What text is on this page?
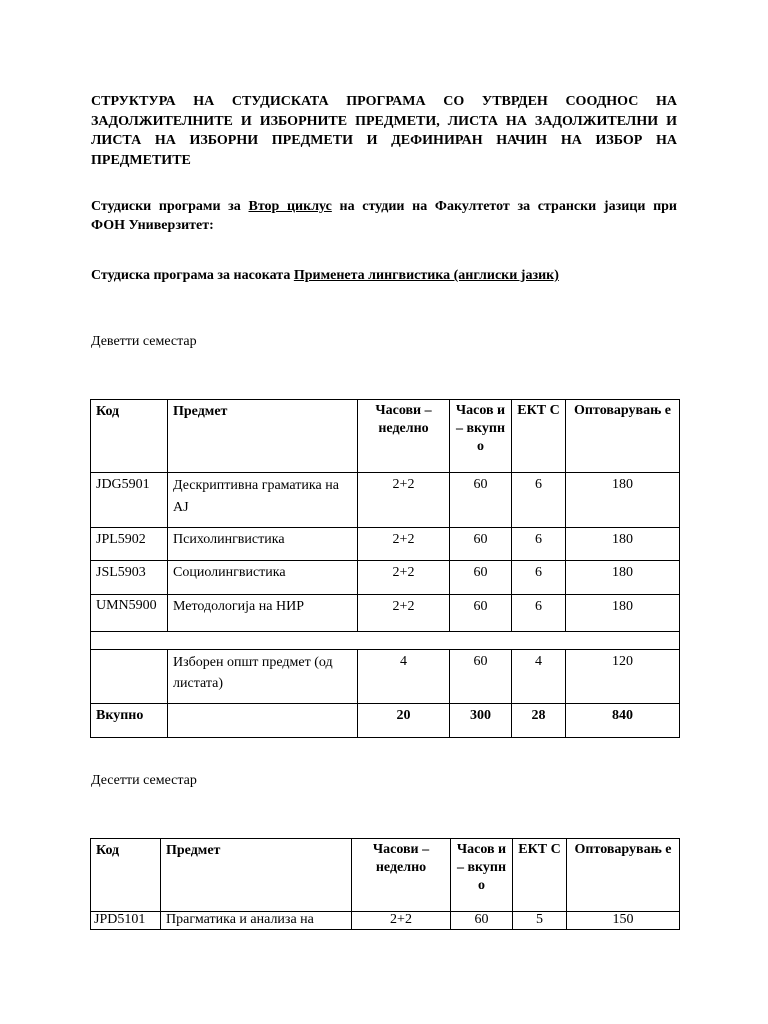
СТРУКТУРА НА СТУДИСКАТА ПРОГРАМА СО УТВРДЕН СООДНОС НА
ЗАДОЛЖИТЕЛНИТЕ И ИЗБОРНИТЕ ПРЕДМЕТИ, ЛИСТА НА ЗАДОЛЖИТЕЛНИ И
ЛИСТА НА ИЗБОРНИ ПРЕДМЕТИ И ДЕФИНИРАН НАЧИН НА ИЗБОР НА
ПРЕДМЕТИТЕ
Студиски програми за Втор циклус на студии на Факултетот за странски јазици при
ФОН Универзитет:
Студиска програма за насоката Применета лингвистика (англиски јазик)
Деветти семестар
Код	Предмет	Часови – неделно	Часов и – вкупн о	ЕКТ С	Оптоварувањ е
JDG5901	Дескриптивна граматика на АЈ	2+2	60	6	180
JPL5902	Психолингвистика	2+2	60	6	180
JSL5903	Социолингвистика	2+2	60	6	180
UMN5900	Методологија на НИР	2+2	60	6	180

	Изборен општ предмет (од листата)	4	60	4	120
Вкупно		20	300	28	840
Десетти семестар
Код	Предмет	Часови – неделно	Часов и – вкупн о	ЕКТ С	Оптоварувањ е
JPD5101	Прагматика и анализа на	2+2	60	5	150
